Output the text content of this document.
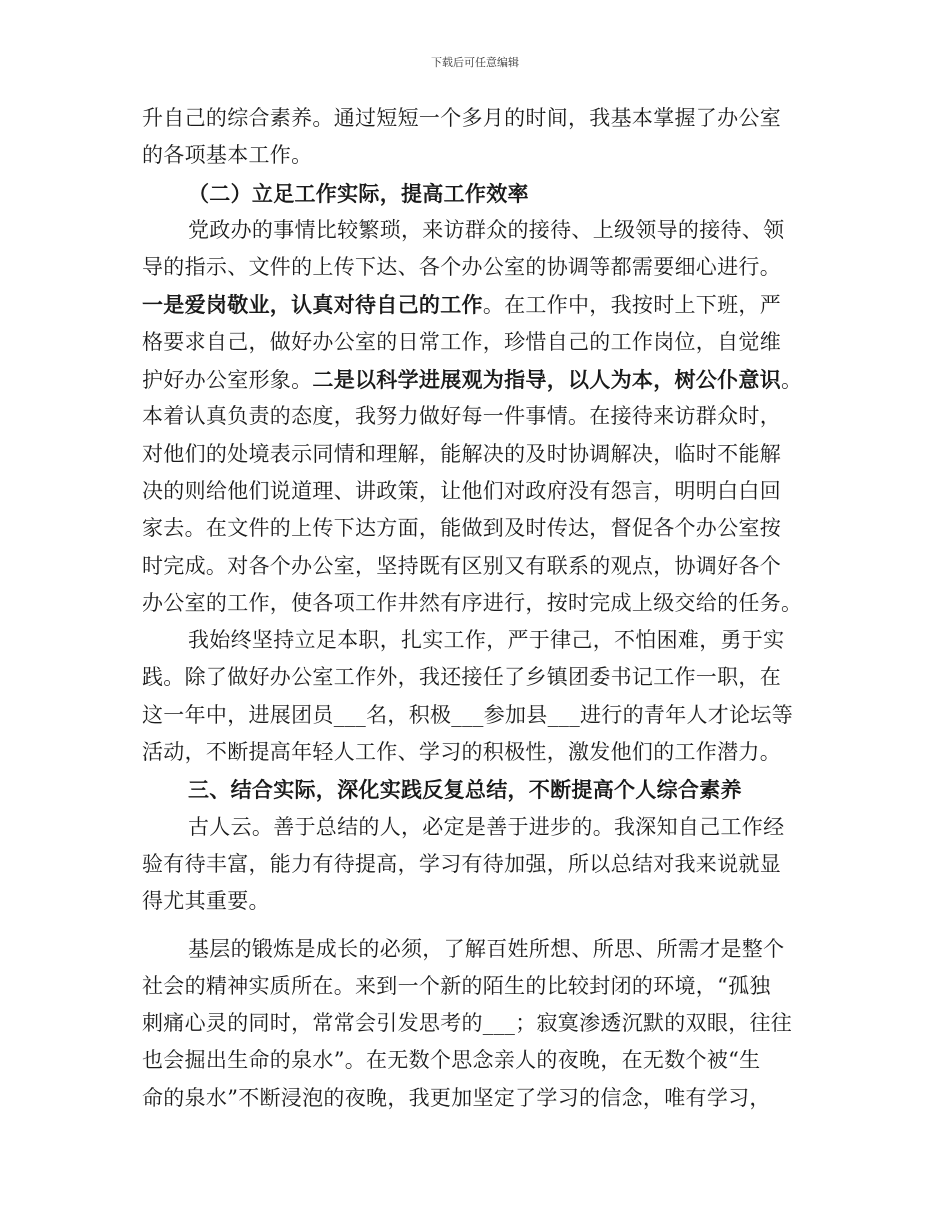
下载后可任意编辑
升自己的综合素养。通过短短一个多月的时间，我基本掌握了办公室
的各项基本工作。
（二）立足工作实际，提高工作效率
党政办的事情比较繁琐，来访群众的接待、上级领导的接待、领
导的指示、文件的上传下达、各个办公室的协调等都需要细心进行。
一是爱岗敬业，认真对待自己的工作。在工作中，我按时上下班，严
格要求自己，做好办公室的日常工作，珍惜自己的工作岗位，自觉维
护好办公室形象。二是以科学进展观为指导，以人为本，树公仆意识。
本着认真负责的态度，我努力做好每一件事情。在接待来访群众时，
对他们的处境表示同情和理解，能解决的及时协调解决，临时不能解
决的则给他们说道理、讲政策，让他们对政府没有怨言，明明白白回
家去。在文件的上传下达方面，能做到及时传达，督促各个办公室按
时完成。对各个办公室，坚持既有区别又有联系的观点，协调好各个
办公室的工作，使各项工作井然有序进行，按时完成上级交给的任务。
我始终坚持立足本职，扎实工作，严于律己，不怕困难，勇于实
践。除了做好办公室工作外，我还接任了乡镇团委书记工作一职，在
这一年中，进展团员___名，积极___参加县___进行的青年人才论坛等
活动，不断提高年轻人工作、学习的积极性，激发他们的工作潜力。
三、结合实际，深化实践反复总结，不断提高个人综合素养
古人云。善于总结的人，必定是善于进步的。我深知自己工作经
验有待丰富，能力有待提高，学习有待加强，所以总结对我来说就显
得尤其重要。
基层的锻炼是成长的必须，了解百姓所想、所思、所需才是整个
社会的精神实质所在。来到一个新的陌生的比较封闭的环境，“孤独
刺痛心灵的同时，常常会引发思考的___；寂寞渗透沉默的双眼，往往
也会掘出生命的泉水”。在无数个思念亲人的夜晚，在无数个被“生
命的泉水”不断浸泡的夜晚，我更加坚定了学习的信念，唯有学习，
